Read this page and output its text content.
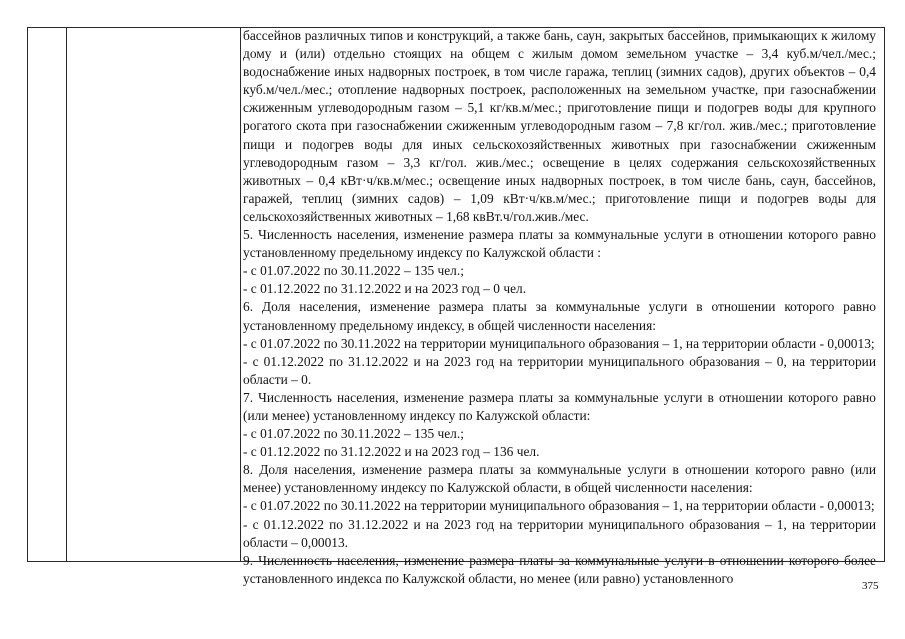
бассейнов различных типов и конструкций, а также бань, саун, закрытых бассейнов, примыкающих к жилому дому и (или) отдельно стоящих на общем с жилым домом земельном участке – 3,4 куб.м/чел./мес.; водоснабжение иных надворных построек, в том числе гаража, теплиц (зимних садов), других объектов – 0,4 куб.м/чел./мес.; отопление надворных построек, расположенных на земельном участке, при газоснабжении сжиженным углеводородным газом – 5,1 кг/кв.м/мес.; приготовление пищи и подогрев воды для крупного рогатого скота при газоснабжении сжиженным углеводородным газом – 7,8 кг/гол. жив./мес.; приготовление пищи и подогрев воды для иных сельскохозяйственных животных при газоснабжении сжиженным углеводородным газом – 3,3 кг/гол. жив./мес.; освещение в целях содержания сельскохозяйственных животных – 0,4 кВт·ч/кв.м/мес.; освещение иных надворных построек, в том числе бань, саун, бассейнов, гаражей, теплиц (зимних садов) – 1,09 кВт·ч/кв.м/мес.; приготовление пищи и подогрев воды для сельскохозяйственных животных – 1,68 квВт.ч/гол.жив./мес.

5. Численность населения, изменение размера платы за коммунальные услуги в отношении которого равно установленному предельному индексу по Калужской области :

- с 01.07.2022 по 30.11.2022 – 135 чел.;

- с 01.12.2022 по 31.12.2022 и на 2023 год – 0 чел.

6. Доля населения, изменение размера платы за коммунальные услуги в отношении которого равно установленному предельному индексу, в общей численности населения:

- с 01.07.2022 по 30.11.2022 на территории муниципального образования – 1, на территории области - 0,00013;

- с 01.12.2022 по 31.12.2022 и на 2023 год на территории муниципального образования – 0, на территории области – 0.

7. Численность населения, изменение размера платы за коммунальные услуги в отношении которого равно (или менее) установленному индексу по Калужской области:

- с 01.07.2022 по 30.11.2022 – 135 чел.;

- с 01.12.2022 по 31.12.2022 и на 2023 год – 136 чел.

8. Доля населения, изменение размера платы за коммунальные услуги в отношении которого равно (или менее) установленному индексу по Калужской области, в общей численности населения:

- с 01.07.2022 по 30.11.2022 на территории муниципального образования – 1, на территории области - 0,00013;

- с 01.12.2022 по 31.12.2022 и на 2023 год на территории муниципального образования – 1, на территории области – 0,00013.

9. Численность населения, изменение размера платы за коммунальные услуги в отношении которого более установленного индекса по Калужской области, но менее (или равно) установленного

375
